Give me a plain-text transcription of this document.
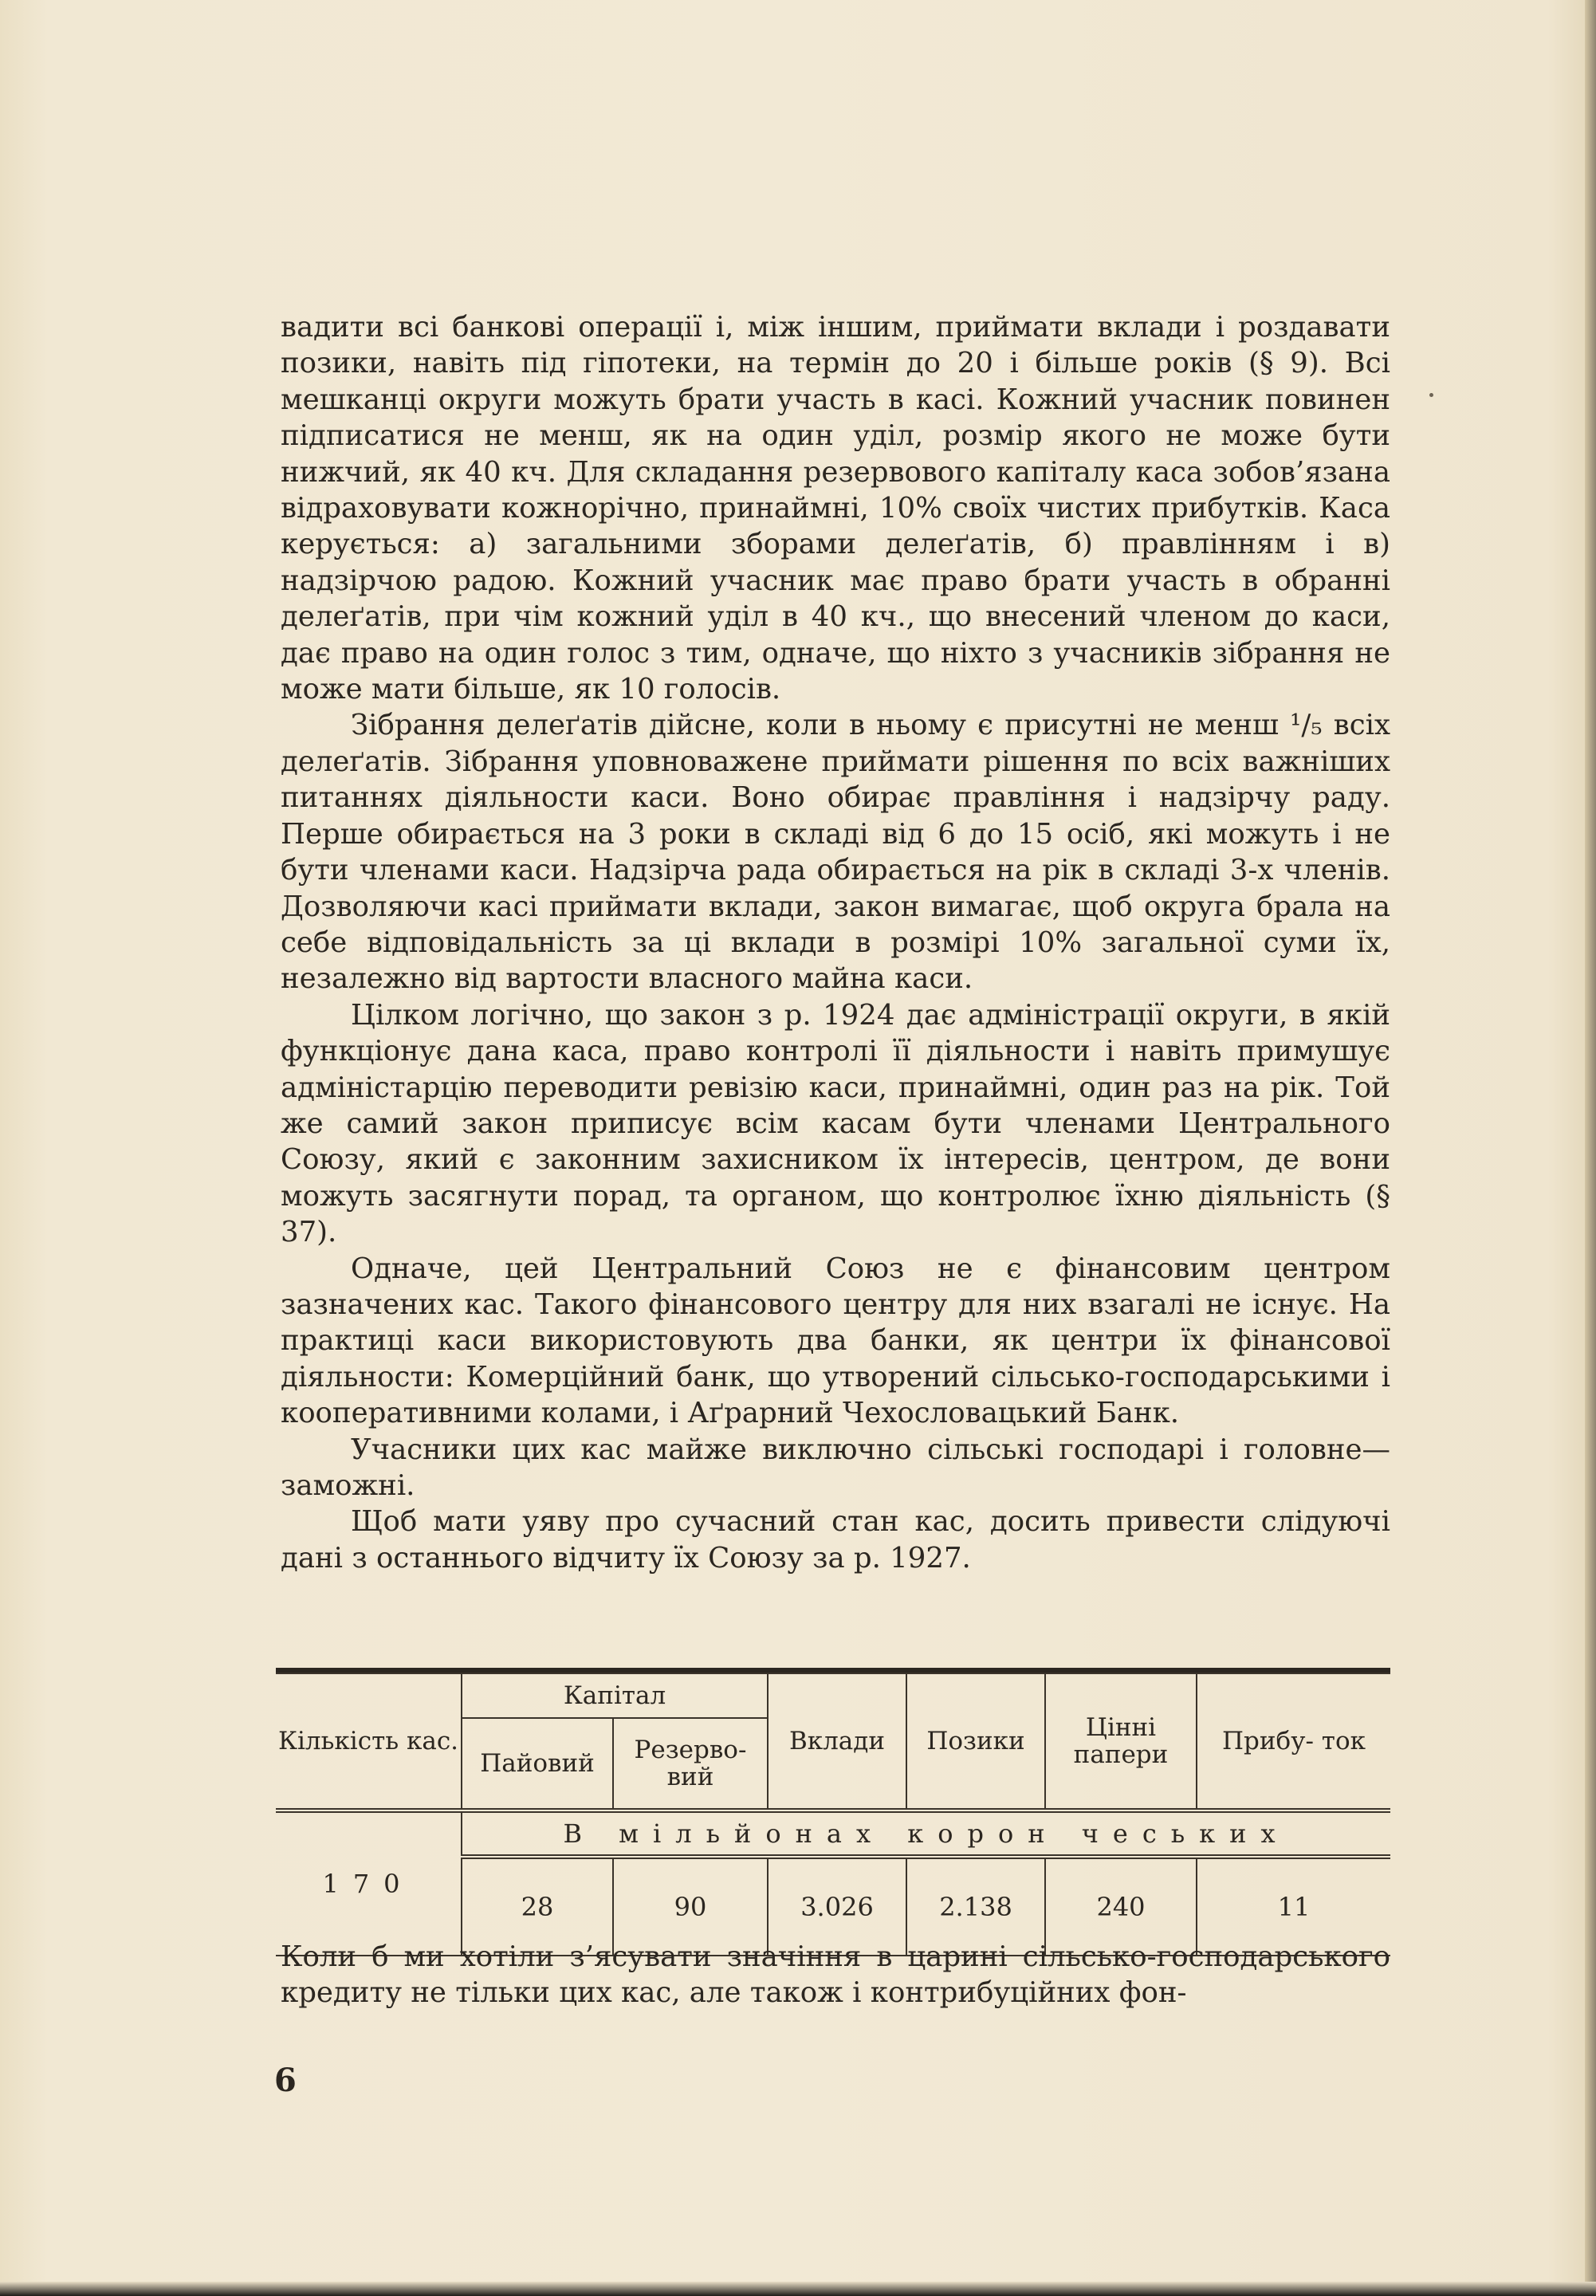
вадити всі банкові операції і, між іншим, приймати вклади і роздавати позики, навіть під гіпотеки, на термін до 20 і більше років (§ 9). Всі мешканці округи можуть брати участь в касі. Кожний учасник повинен підписатися не менш, як на один уділ, розмір якого не може бути нижчий, як 40 кч. Для складання резервового капіталу каса зобов’язана відраховувати кожнорічно, принаймні, 10% своїх чистих прибутків. Каса керується: а) загальними зборами делеґатів, б) правлінням і в) надзірчою радою. Кожний учасник має право брати участь в обранні делеґатів, при чім кожний уділ в 40 кч., що внесений членом до каси, дає право на один голос з тим, одначе, що ніхто з учасників зібрання не може мати більше, як 10 голосів.

Зібрання делеґатів дійсне, коли в ньому є присутні не менш ¹/₅ всіх делеґатів. Зібрання уповноважене приймати рішення по всіх важніших питаннях діяльности каси. Воно обирає правління і надзірчу раду. Перше обирається на 3 роки в складі від 6 до 15 осіб, які можуть і не бути членами каси. Надзірча рада обирається на рік в складі 3-х членів. Дозволяючи касі приймати вклади, закон вимагає, щоб округа брала на себе відповідальність за ці вклади в розмірі 10% загальної суми їх, незалежно від вартости власного майна каси.

Цілком логічно, що закон з р. 1924 дає адміністрації округи, в якій функціонує дана каса, право контролі її діяльности і навіть примушує адміністарцію переводити ревізію каси, принаймні, один раз на рік. Той же самий закон приписує всім касам бути членами Центрального Союзу, який є законним захисником їх інтересів, центром, де вони можуть засягнути порад, та органом, що контролює їхню діяльність (§ 37).

Одначе, цей Центральний Союз не є фінансовим центром зазначених кас. Такого фінансового центру для них взагалі не існує. На практиці каси використовують два банки, як центри їх фінансової діяльности: Комерційний банк, що утворений сільсько-господарськими і кооперативними колами, і Аґрарний Чехословацький Банк.

Учасники цих кас майже виключно сільські господарі і головне— заможні.

Щоб мати уяву про сучасний стан кас, досить привести слідуючі дані з останнього відчиту їх Союзу за р. 1927.

Кількість кас.	Капітал		Вклади	Позики	Цінні папери	Прибу- ток
	Пайовий	Резерво- вий				
170	В мільйонах корон чеських					
	28	90	3.026	2.138	240	11

Коли б ми хотіли з’ясувати значіння в царині сільсько-господарського кредиту не тільки цих кас, але також і контрибуційних фон-

6
